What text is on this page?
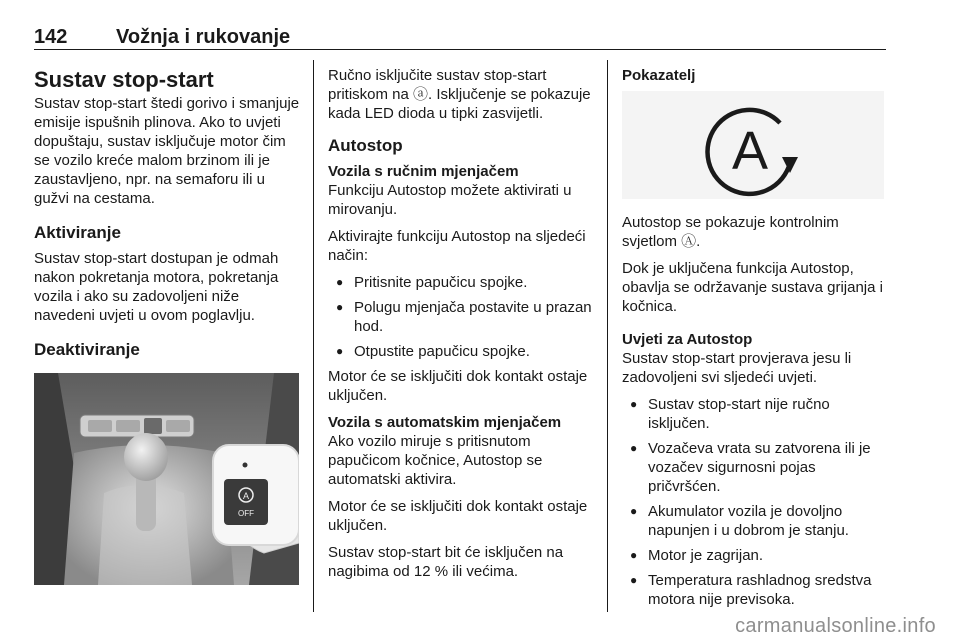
142 Vožnja i rukovanje
Sustav stop-start

Sustav stop-start štedi gorivo i smanjuje emisije ispušnih plinova. Ako to uvjeti dopuštaju, sustav isključuje motor čim se vozilo kreće malom brzinom ili je zaustavljeno, npr. na semaforu ili u gužvi na cestama.

Aktiviranje

Sustav stop-start dostupan je odmah nakon pokretanja motora, pokretanja vozila i ako su zadovoljeni niže navedeni uvjeti u ovom poglavlju.

Deaktiviranje
A
OFF

Ručno isključite sustav stop-start pritiskom na ⓐ. Isključenje se pokazuje kada LED dioda u tipki zasvijetli.

Autostop
Vozila s ručnim mjenjačem

Funkciju Autostop možete aktivirati u mirovanju.

Aktivirajte funkciju Autostop na sljedeći način:

● Pritisnite papučicu spojke.
● Polugu mjenjača postavite u prazan hod.
● Otpustite papučicu spojke.

Motor će se isključiti dok kontakt ostaje uključen.

Vozila s automatskim mjenjačem

Ako vozilo miruje s pritisnutom papučicom kočnice, Autostop se automatski aktivira.

Motor će se isključiti dok kontakt ostaje uključen.

Sustav stop-start bit će isključen na nagibima od 12 % ili većima.

Pokazatelj
A

Autostop se pokazuje kontrolnim svjetlom Ⓐ.

Dok je uključena funkcija Autostop, obavlja se održavanje sustava grijanja i kočnica.

Uvjeti za Autostop

Sustav stop-start provjerava jesu li zadovoljeni svi sljedeći uvjeti.

● Sustav stop-start nije ručno isključen.
● Vozačeva vrata su zatvorena ili je vozačev sigurnosni pojas pričvršćen.
● Akumulator vozila je dovoljno napunjen i u dobrom je stanju.
● Motor je zagrijan.
● Temperatura rashladnog sredstva motora nije previsoka.
carmanualsonline.info
